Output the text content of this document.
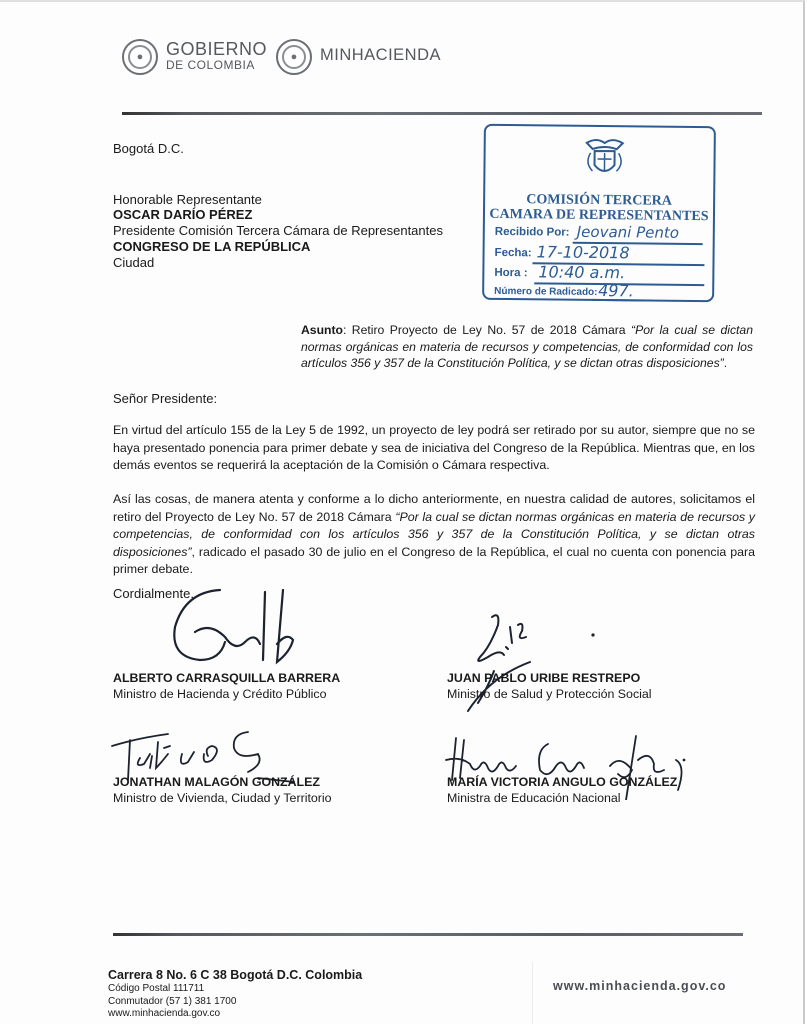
●	GOBIERNO
DE COLOMBIA
●	MINHACIENDA
Bogotá D.C.
Honorable Representante
OSCAR DARÍO PÉREZ
Presidente Comisión Tercera Cámara de Representantes
CONGRESO DE LA REPÚBLICA
Ciudad
COMISIÓN TERCERA
CAMARA DE REPRESENTANTES
Recibido Por: Jeovani Pento
Fecha: 17-10-2018
Hora : 10:40 a.m.
Número de Radicado: 497.
Asunto: Retiro Proyecto de Ley No. 57 de 2018 Cámara “Por la cual se dictan normas orgánicas en materia de recursos y competencias, de conformidad con los artículos 356 y 357 de la Constitución Política, y se dictan otras disposiciones”.
Señor Presidente:
En virtud del artículo 155 de la Ley 5 de 1992, un proyecto de ley podrá ser retirado por su autor, siempre que no se haya presentado ponencia para primer debate y sea de iniciativa del Congreso de la República. Mientras que, en los demás eventos se requerirá la aceptación de la Comisión o Cámara respectiva.
Así las cosas, de manera atenta y conforme a lo dicho anteriormente, en nuestra calidad de autores, solicitamos el retiro del Proyecto de Ley No. 57 de 2018 Cámara “Por la cual se dictan normas orgánicas en materia de recursos y competencias, de conformidad con los artículos 356 y 357 de la Constitución Política, y se dictan otras disposiciones”, radicado el pasado 30 de julio en el Congreso de la República, el cual no cuenta con ponencia para primer debate.
Cordialmente,
ALBERTO CARRASQUILLA BARRERA
Ministro de Hacienda y Crédito Público
JUAN PABLO URIBE RESTREPO
Ministro de Salud y Protección Social
JONATHAN MALAGÓN GONZÁLEZ
Ministro de Vivienda, Ciudad y Territorio
MARÍA VICTORIA ANGULO GONZÁLEZ
Ministra de Educación Nacional
Carrera 8 No. 6 C 38 Bogotá D.C. Colombia
Código Postal 111711
Conmutador (57 1) 381 1700
www.minhacienda.gov.co
www.minhacienda.gov.co
